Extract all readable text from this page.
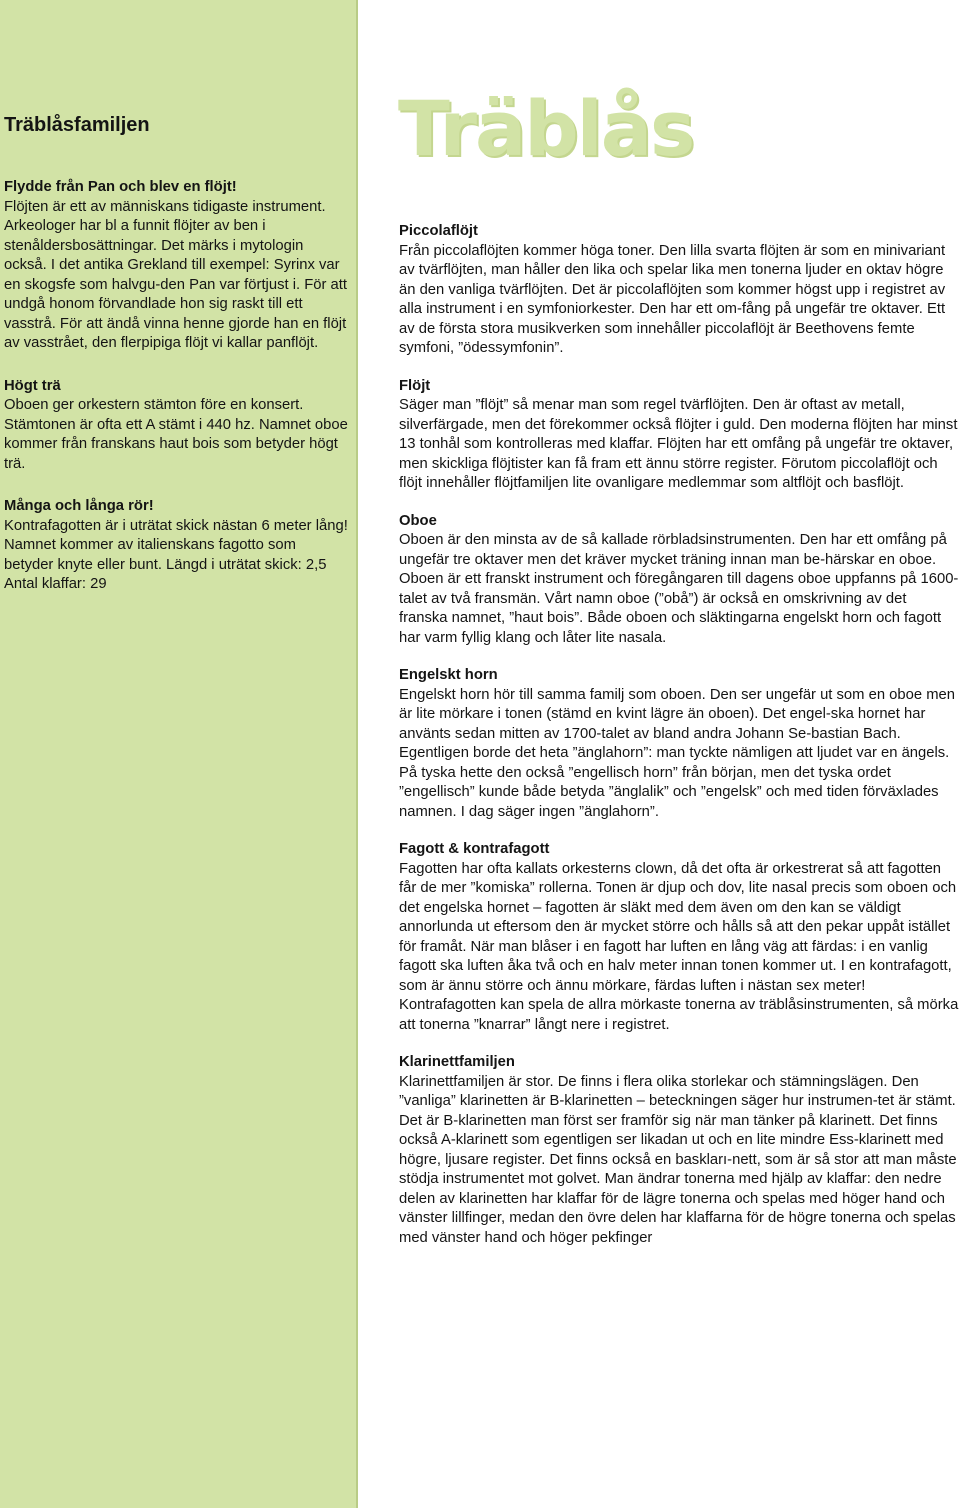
Träblåsfamiljen

Flydde från Pan och blev en flöjt!

Flöjten är ett av människans tidigaste instrument. Arkeologer har bl a funnit flöjter av ben i stenåldersbosättningar. Det märks i mytologin också. I det antika Grekland till exempel: Syrinx var en skogsfe som halvgu-den Pan var förtjust i. För att undgå honom förvandlade hon sig raskt till ett vasstrå. För att ändå vinna henne gjorde han en flöjt av vasstrået, den flerpipiga flöjt vi kallar panflöjt.

Högt trä

Oboen ger orkestern stämton före en konsert. Stämtonen är ofta ett A stämt i 440 hz. Namnet oboe kommer från franskans haut bois som betyder högt trä.

Många och långa rör!

Kontrafagotten är i uträtat skick nästan 6 meter lång! Namnet kommer av italienskans fagotto som betyder knyte eller bunt. Längd i uträtat skick: 2,5 Antal klaffar: 29

Träblås

Piccolaflöjt

Från piccolaflöjten kommer höga toner. Den lilla svarta flöjten är som en minivariant av tvärflöjten, man håller den lika och spelar lika men tonerna ljuder en oktav högre än den vanliga tvärflöjten. Det är piccolaflöjten som kommer högst upp i registret av alla instrument i en symfoniorkester. Den har ett om-fång på ungefär tre oktaver. Ett av de första stora musikverken som innehåller piccolaflöjt är Beethovens femte symfoni, ”ödessymfonin”.

Flöjt

Säger man ”flöjt” så menar man som regel tvärflöjten. Den är oftast av metall, silverfärgade, men det förekommer också flöjter i guld. Den moderna flöjten har minst 13 tonhål som kontrolleras med klaffar. Flöjten har ett omfång på ungefär tre oktaver, men skickliga flöjtister kan få fram ett ännu större register. Förutom piccolaflöjt och flöjt innehåller flöjtfamiljen lite ovanligare medlemmar som altflöjt och basflöjt.

Oboe

Oboen är den minsta av de så kallade rörbladsinstrumenten. Den har ett omfång på ungefär tre oktaver men det kräver mycket träning innan man be-härskar en oboe. Oboen är ett franskt instrument och föregångaren till dagens oboe uppfanns på 1600-talet av två fransmän. Vårt namn oboe (”obå”) är också en omskrivning av det franska namnet, ”haut bois”. Både oboen och släktingarna engelskt horn och fagott har varm fyllig klang och låter lite nasala.

Engelskt horn

Engelskt horn hör till samma familj som oboen. Den ser ungefär ut som en oboe men är lite mörkare i tonen (stämd en kvint lägre än oboen). Det engel-ska hornet har använts sedan mitten av 1700-talet av bland andra Johann Se-bastian Bach. Egentligen borde det heta ”änglahorn”: man tyckte nämligen att ljudet var en ängels. På tyska hette den också ”engellisch horn” från början, men det tyska ordet ”engellisch” kunde både betyda ”änglalik” och ”engelsk” och med tiden förväxlades namnen. I dag säger ingen ”änglahorn”.

Fagott & kontrafagott

Fagotten har ofta kallats orkesterns clown, då det ofta är orkestrerat så att fagotten får de mer ”komiska” rollerna. Tonen är djup och dov, lite nasal precis som oboen och det engelska hornet – fagotten är släkt med dem även om den kan se väldigt annorlunda ut eftersom den är mycket större och hålls så att den pekar uppåt istället för framåt. När man blåser i en fagott har luften en lång väg att färdas: i en vanlig fagott ska luften åka två och en halv meter innan tonen kommer ut. I en kontrafagott, som är ännu större och ännu mörkare, färdas luften i nästan sex meter! Kontrafagotten kan spela de allra mörkaste tonerna av träblåsinstrumenten, så mörka att tonerna ”knarrar” långt nere i registret.

Klarinettfamiljen

Klarinettfamiljen är stor. De finns i flera olika storlekar och stämningslägen. Den ”vanliga” klarinetten är B-klarinetten – beteckningen säger hur instrumen-tet är stämt. Det är B-klarinetten man först ser framför sig när man tänker på klarinett. Det finns också A-klarinett som egentligen ser likadan ut och en lite mindre Ess-klarinett med högre, ljusare register. Det finns också en baskları-nett, som är så stor att man måste stödja instrumentet mot golvet. Man ändrar tonerna med hjälp av klaffar: den nedre delen av klarinetten har klaffar för de lägre tonerna och spelas med höger hand och vänster lillfinger, medan den övre delen har klaffarna för de högre tonerna och spelas med vänster hand och höger pekfinger
